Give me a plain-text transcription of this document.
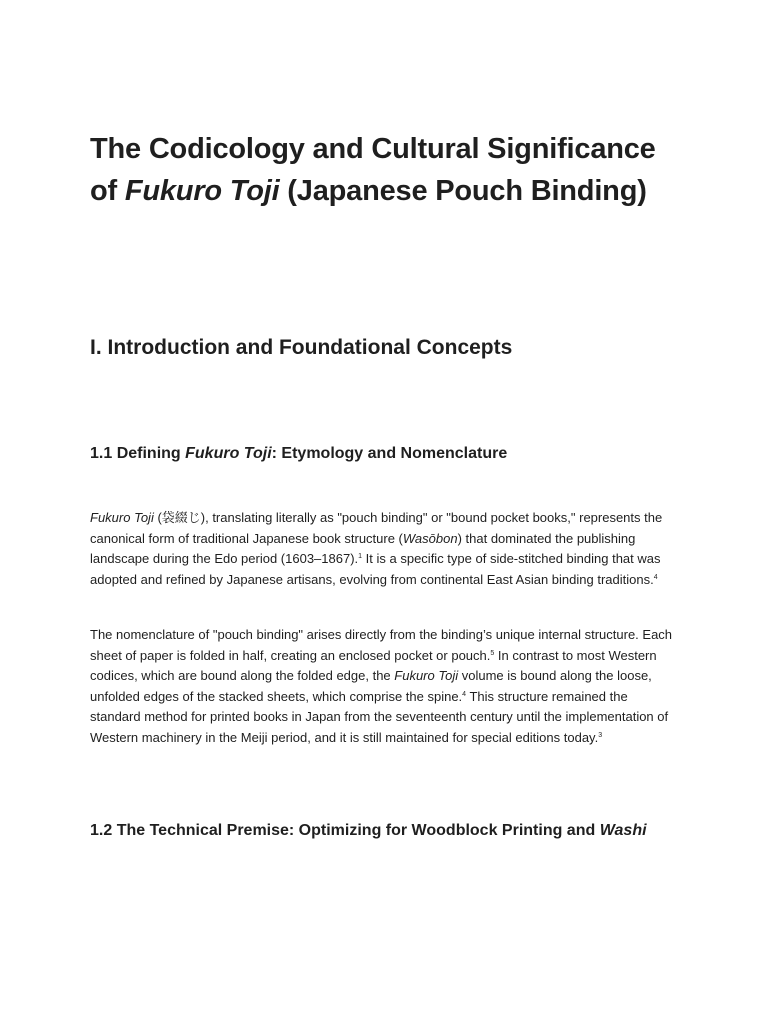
The Codicology and Cultural Significance of Fukuro Toji (Japanese Pouch Binding)
I. Introduction and Foundational Concepts
1.1 Defining Fukuro Toji: Etymology and Nomenclature

Fukuro Toji (袋綴じ), translating literally as "pouch binding" or "bound pocket books," represents the canonical form of traditional Japanese book structure (Wasōbon) that dominated the publishing landscape during the Edo period (1603–1867).$^1$ It is a specific type of side-stitched binding that was adopted and refined by Japanese artisans, evolving from continental East Asian binding traditions.$^4$

The nomenclature of "pouch binding" arises directly from the binding’s unique internal structure. Each sheet of paper is folded in half, creating an enclosed pocket or pouch.$^5$ In contrast to most Western codices, which are bound along the folded edge, the Fukuro Toji volume is bound along the loose, unfolded edges of the stacked sheets, which comprise the spine.$^4$ This structure remained the standard method for printed books in Japan from the seventeenth century until the implementation of Western machinery in the Meiji period, and it is still maintained for special editions today.$^3$

1.2 The Technical Premise: Optimizing for Woodblock Printing and Washi
